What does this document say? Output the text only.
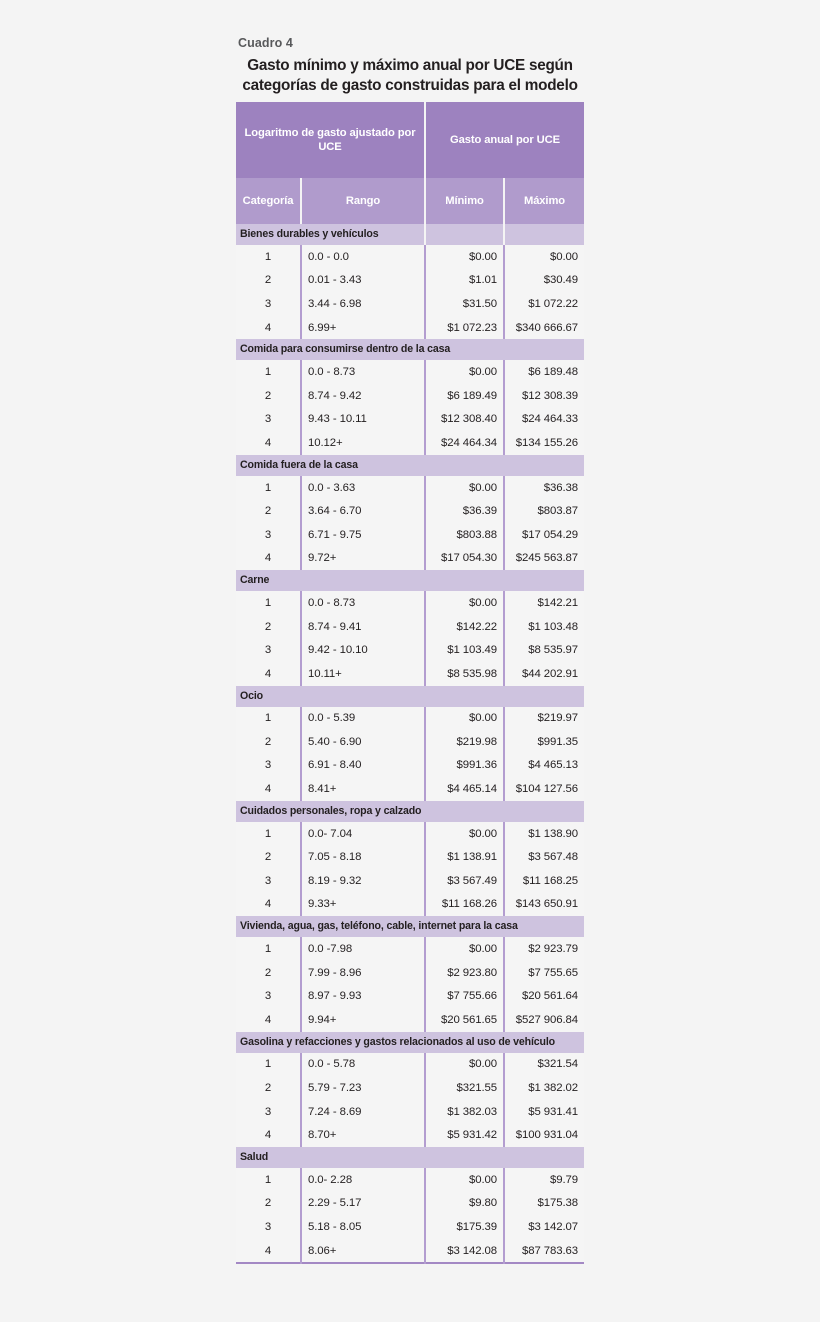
Cuadro 4
Gasto mínimo y máximo anual por UCE según categorías de gasto construidas para el modelo
Logaritmo de gasto ajustado por UCE		Gasto anual por UCE	
Categoría	Rango	Mínimo	Máximo
Bienes durables y vehículos			
1	0.0 - 0.0	$0.00	$0.00
2	0.01 - 3.43	$1.01	$30.49
3	3.44 - 6.98	$31.50	$1 072.22
4	6.99+	$1 072.23	$340 666.67
Comida para consumirse dentro de la casa			
1	0.0 - 8.73	$0.00	$6 189.48
2	8.74 - 9.42	$6 189.49	$12 308.39
3	9.43 - 10.11	$12 308.40	$24 464.33
4	10.12+	$24 464.34	$134 155.26
Comida fuera de la casa			
1	0.0 - 3.63	$0.00	$36.38
2	3.64 - 6.70	$36.39	$803.87
3	6.71 - 9.75	$803.88	$17 054.29
4	9.72+	$17 054.30	$245 563.87
Carne			
1	0.0 - 8.73	$0.00	$142.21
2	8.74 - 9.41	$142.22	$1 103.48
3	9.42 - 10.10	$1 103.49	$8 535.97
4	10.11+	$8 535.98	$44 202.91
Ocio			
1	0.0 - 5.39	$0.00	$219.97
2	5.40 - 6.90	$219.98	$991.35
3	6.91 - 8.40	$991.36	$4 465.13
4	8.41+	$4 465.14	$104 127.56
Cuidados personales, ropa y calzado			
1	0.0- 7.04	$0.00	$1 138.90
2	7.05 - 8.18	$1 138.91	$3 567.48
3	8.19 - 9.32	$3 567.49	$11 168.25
4	9.33+	$11 168.26	$143 650.91
Vivienda, agua, gas, teléfono, cable, internet para la casa			
1	0.0 -7.98	$0.00	$2 923.79
2	7.99 - 8.96	$2 923.80	$7 755.65
3	8.97 - 9.93	$7 755.66	$20 561.64
4	9.94+	$20 561.65	$527 906.84
Gasolina y refacciones y gastos relacionados al uso de vehículo			
1	0.0 - 5.78	$0.00	$321.54
2	5.79 - 7.23	$321.55	$1 382.02
3	7.24 - 8.69	$1 382.03	$5 931.41
4	8.70+	$5 931.42	$100 931.04
Salud			
1	0.0- 2.28	$0.00	$9.79
2	2.29 - 5.17	$9.80	$175.38
3	5.18 - 8.05	$175.39	$3 142.07
4	8.06+	$3 142.08	$87 783.63
